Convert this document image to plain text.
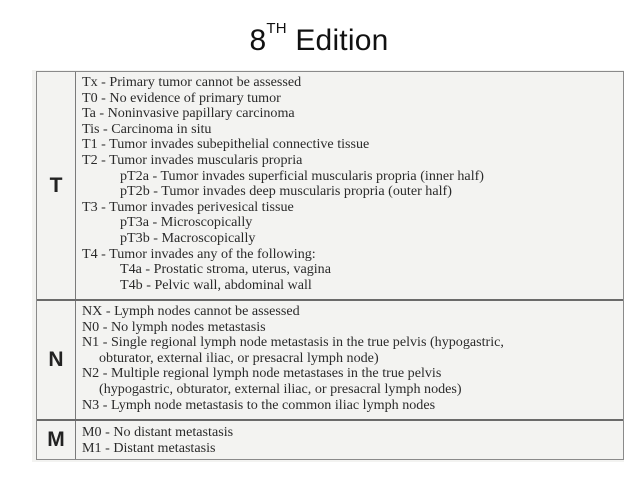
8TH Edition
T
Tx - Primary tumor cannot be assessed
T0 - No evidence of primary tumor
Ta - Noninvasive papillary carcinoma
Tis - Carcinoma in situ
T1 - Tumor invades subepithelial connective tissue
T2 - Tumor invades muscularis propria
pT2a - Tumor invades superficial muscularis propria (inner half)
pT2b - Tumor invades deep muscularis propria (outer half)
T3 - Tumor invades perivesical tissue
pT3a - Microscopically
pT3b - Macroscopically
T4 - Tumor invades any of the following:
T4a - Prostatic stroma, uterus, vagina
T4b - Pelvic wall, abdominal wall
N
NX - Lymph nodes cannot be assessed
N0 - No lymph nodes metastasis
N1 - Single regional lymph node metastasis in the true pelvis (hypogastric,
obturator, external iliac, or presacral lymph node)
N2 - Multiple regional lymph node metastases in the true pelvis
(hypogastric, obturator, external iliac, or presacral lymph nodes)
N3 - Lymph node metastasis to the common iliac lymph nodes
M	M0 - No distant metastasis
M1 - Distant metastasis
